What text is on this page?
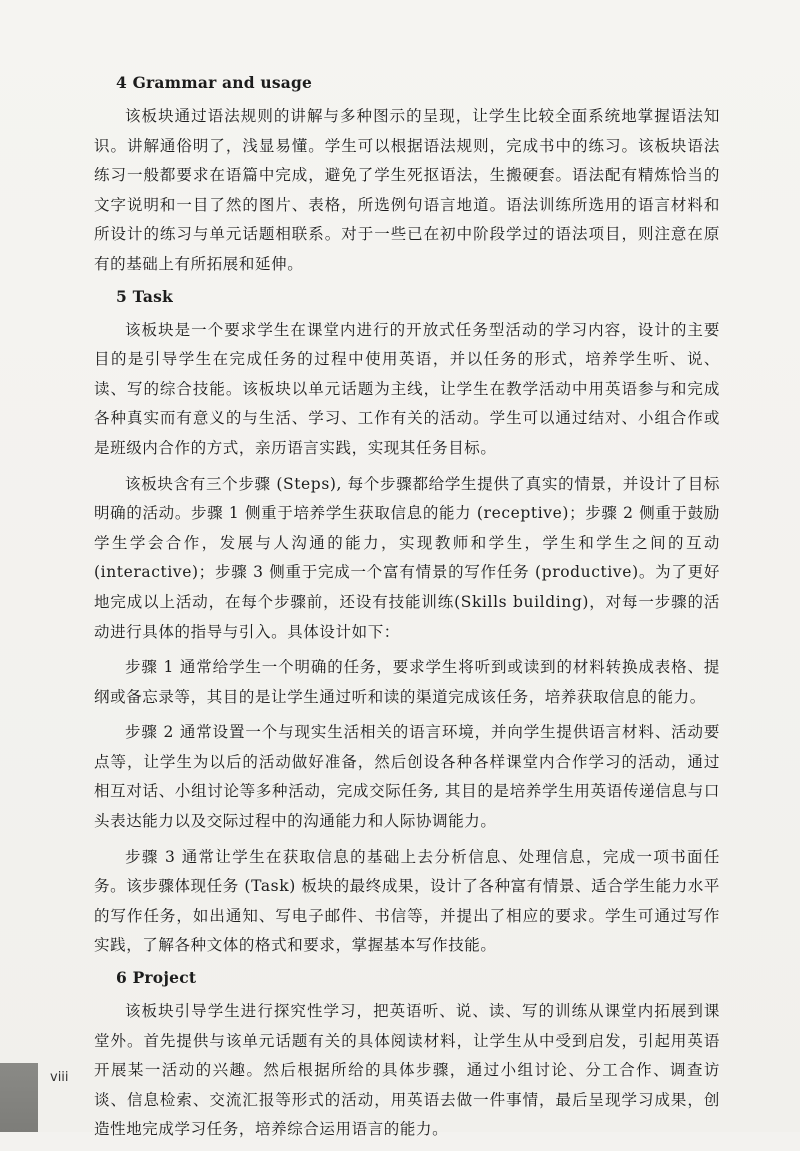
4 Grammar and usage

该板块通过语法规则的讲解与多种图示的呈现，让学生比较全面系统地掌握语法知识。讲解通俗明了，浅显易懂。学生可以根据语法规则，完成书中的练习。该板块语法练习一般都要求在语篇中完成，避免了学生死抠语法，生搬硬套。语法配有精炼恰当的文字说明和一目了然的图片、表格，所选例句语言地道。语法训练所选用的语言材料和所设计的练习与单元话题相联系。对于一些已在初中阶段学过的语法项目，则注意在原有的基础上有所拓展和延伸。

5 Task

该板块是一个要求学生在课堂内进行的开放式任务型活动的学习内容，设计的主要目的是引导学生在完成任务的过程中使用英语，并以任务的形式，培养学生听、说、读、写的综合技能。该板块以单元话题为主线，让学生在教学活动中用英语参与和完成各种真实而有意义的与生活、学习、工作有关的活动。学生可以通过结对、小组合作或是班级内合作的方式，亲历语言实践，实现其任务目标。

该板块含有三个步骤 (Steps), 每个步骤都给学生提供了真实的情景，并设计了目标明确的活动。步骤 1 侧重于培养学生获取信息的能力 (receptive)；步骤 2 侧重于鼓励学生学会合作，发展与人沟通的能力，实现教师和学生，学生和学生之间的互动 (interactive)；步骤 3 侧重于完成一个富有情景的写作任务 (productive)。为了更好地完成以上活动，在每个步骤前，还设有技能训练(Skills building)，对每一步骤的活动进行具体的指导与引入。具体设计如下：

步骤 1 通常给学生一个明确的任务，要求学生将听到或读到的材料转换成表格、提纲或备忘录等，其目的是让学生通过听和读的渠道完成该任务，培养获取信息的能力。

步骤 2 通常设置一个与现实生活相关的语言环境，并向学生提供语言材料、活动要点等，让学生为以后的活动做好准备，然后创设各种各样课堂内合作学习的活动，通过相互对话、小组讨论等多种活动，完成交际任务, 其目的是培养学生用英语传递信息与口头表达能力以及交际过程中的沟通能力和人际协调能力。

步骤 3 通常让学生在获取信息的基础上去分析信息、处理信息，完成一项书面任务。该步骤体现任务 (Task) 板块的最终成果，设计了各种富有情景、适合学生能力水平的写作任务，如出通知、写电子邮件、书信等，并提出了相应的要求。学生可通过写作实践，了解各种文体的格式和要求，掌握基本写作技能。

6 Project

该板块引导学生进行探究性学习，把英语听、说、读、写的训练从课堂内拓展到课堂外。首先提供与该单元话题有关的具体阅读材料，让学生从中受到启发，引起用英语开展某一活动的兴趣。然后根据所给的具体步骤，通过小组讨论、分工合作、调查访谈、信息检索、交流汇报等形式的活动，用英语去做一件事情，最后呈现学习成果，创造性地完成学习任务，培养综合运用语言的能力。

viii
